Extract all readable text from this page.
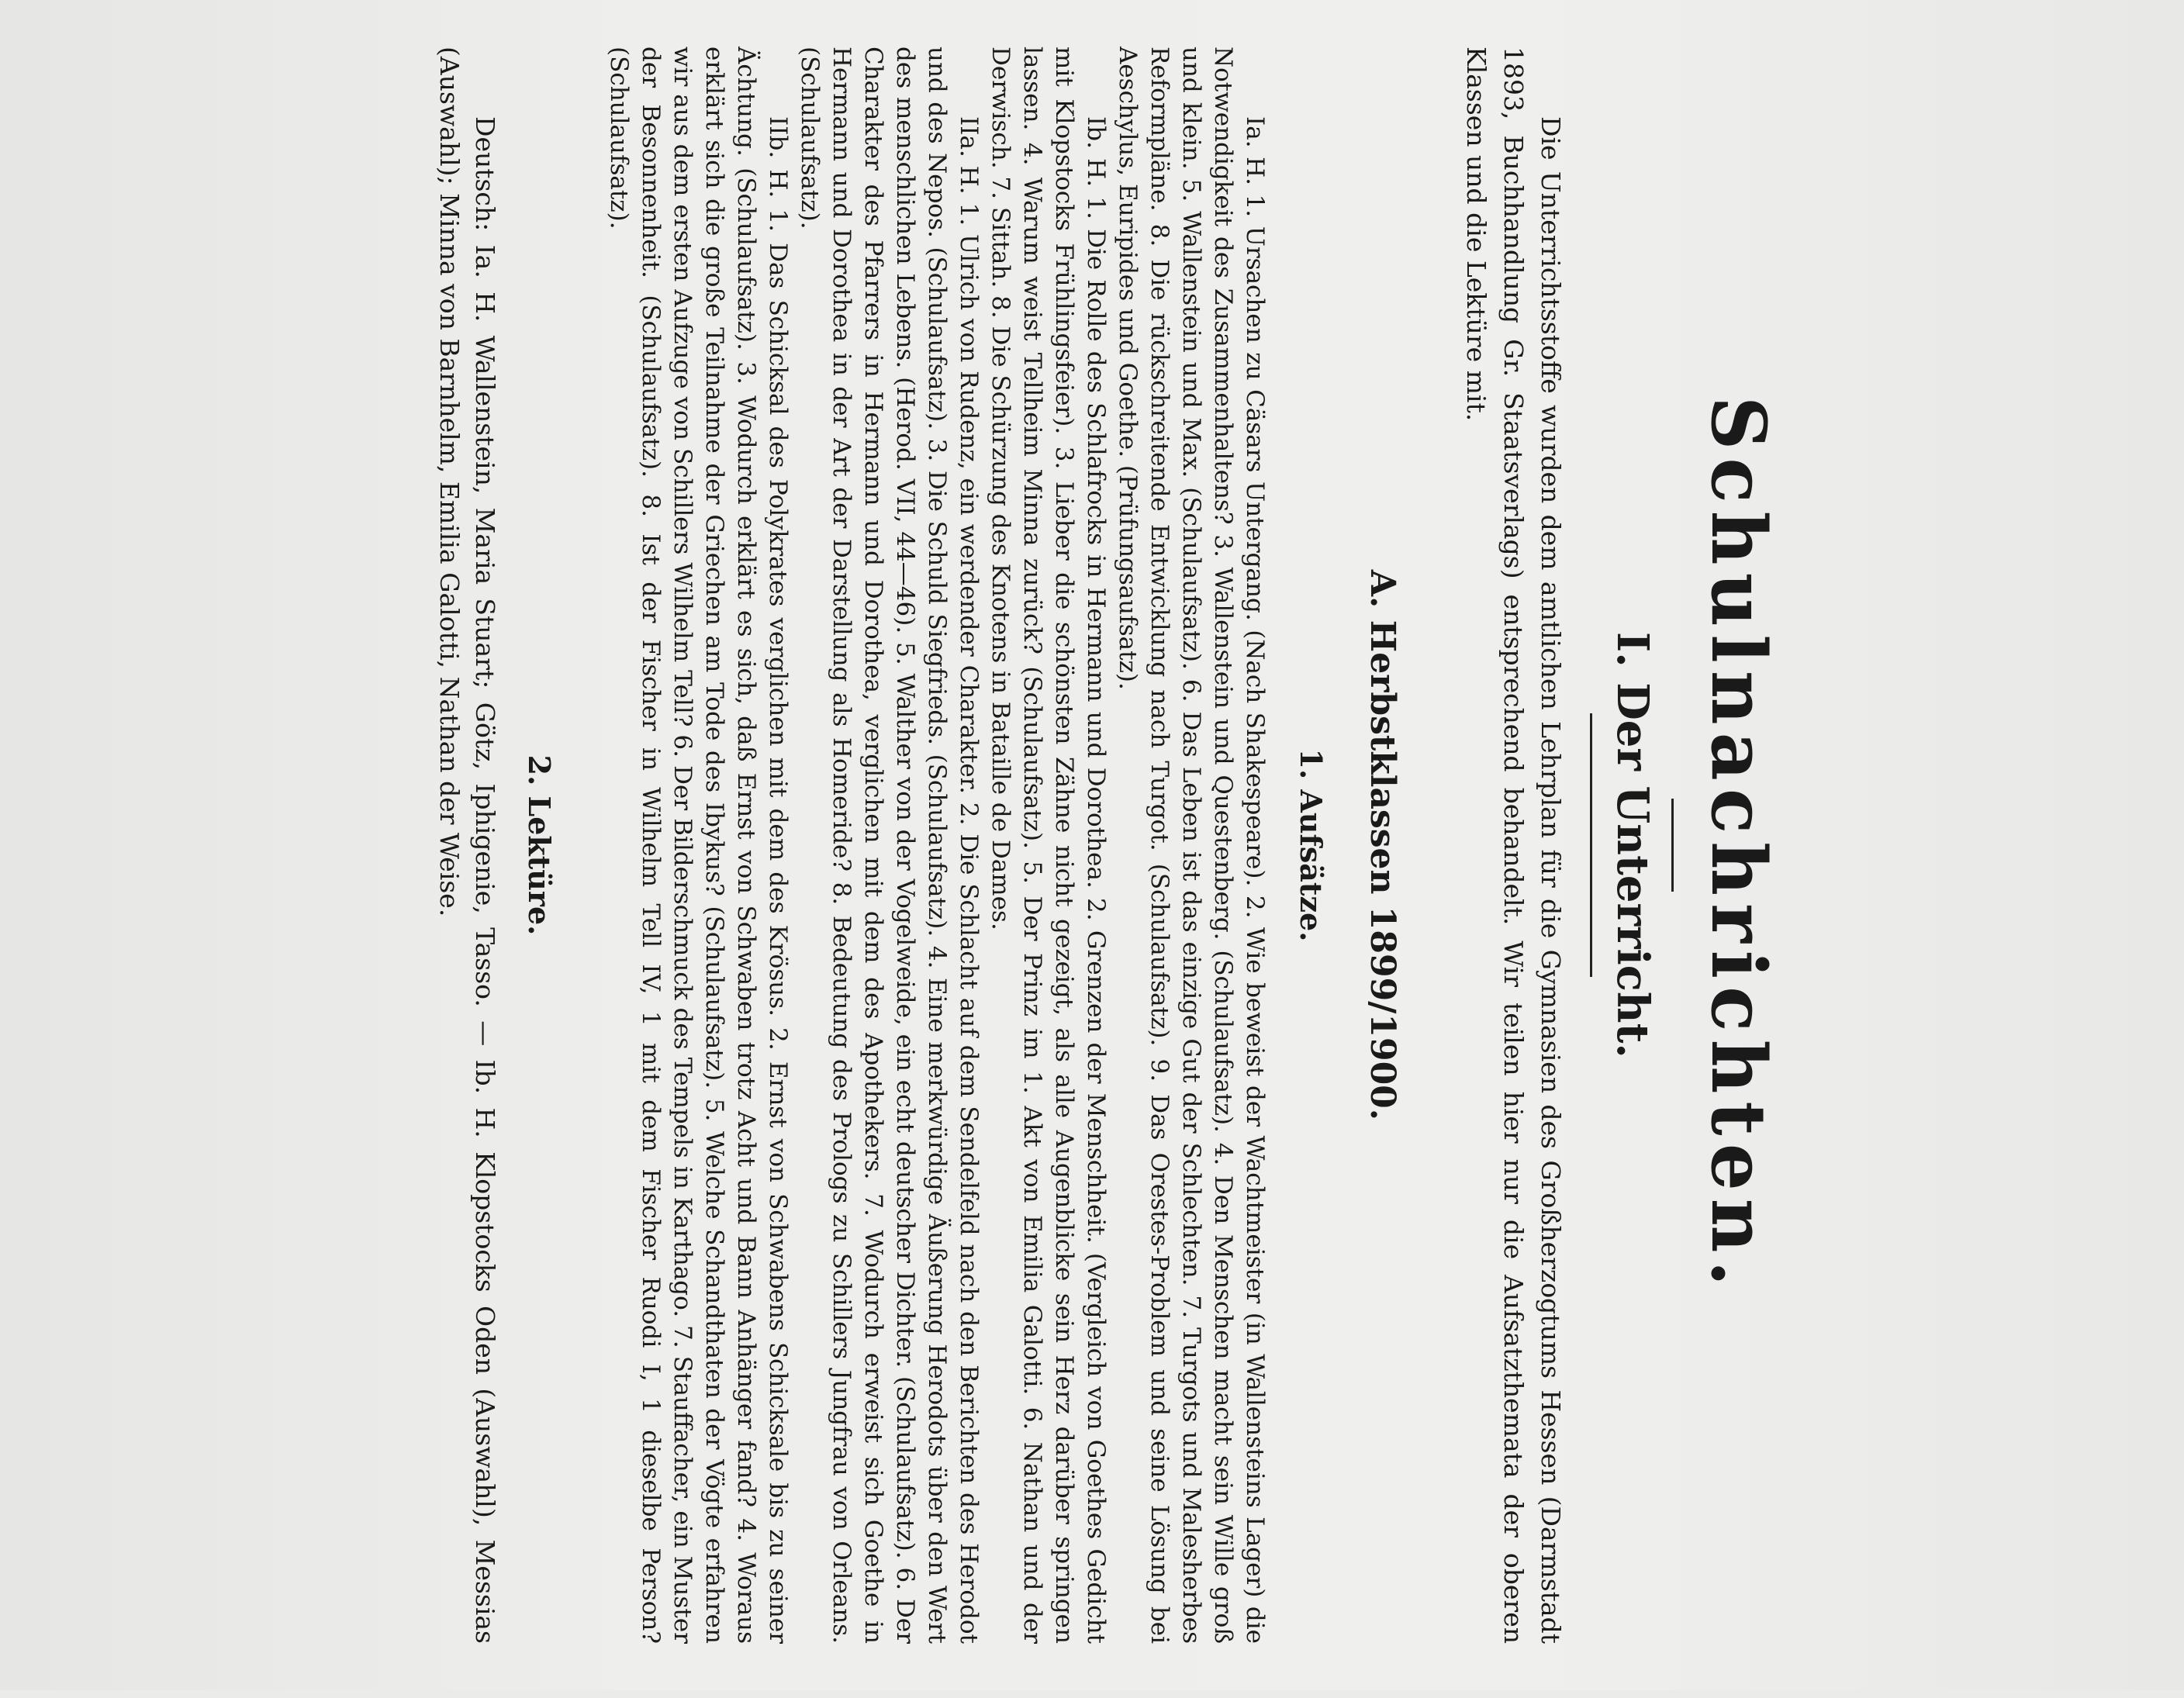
Schulnachrichten.
I. Der Unterricht.
Die Unterrichtsstoffe wurden dem amtlichen Lehrplan für die Gymnasien des Großherzogtums Hessen (Darmstadt 1893, Buchhandlung Gr. Staatsverlags) entsprechend behandelt. Wir teilen hier nur die Aufsatzthemata der oberen Klassen und die Lektüre mit.
A. Herbstklassen 1899/1900.
1. Aufsätze.

Ia. H. 1. Ursachen zu Cäsars Untergang. (Nach Shakespeare). 2. Wie beweist der Wachtmeister (in Wallensteins Lager) die Notwendigkeit des Zusammenhaltens? 3. Wallenstein und Questenberg. (Schulaufsatz). 4. Den Menschen macht sein Wille groß und klein. 5. Wallenstein und Max. (Schulaufsatz). 6. Das Leben ist das einzige Gut der Schlechten. 7. Turgots und Malesherbes Reformpläne. 8. Die rückschreitende Entwicklung nach Turgot. (Schulaufsatz). 9. Das Orestes-Problem und seine Lösung bei Aeschylus, Euripides und Goethe. (Prüfungsaufsatz).

Ib. H. 1. Die Rolle des Schlafrocks in Hermann und Dorothea. 2. Grenzen der Menschheit. (Vergleich von Goethes Gedicht mit Klopstocks Frühlingsfeier). 3. Lieber die schönsten Zähne nicht gezeigt, als alle Augenblicke sein Herz darüber springen lassen. 4. Warum weist Tellheim Minna zurück? (Schulaufsatz). 5. Der Prinz im 1. Akt von Emilia Galotti. 6. Nathan und der Derwisch. 7. Sittah. 8. Die Schürzung des Knotens in Bataille de Dames.

IIa. H. 1. Ulrich von Rudenz, ein werdender Charakter. 2. Die Schlacht auf dem Sendelfeld nach den Berichten des Herodot und des Nepos. (Schulaufsatz). 3. Die Schuld Siegfrieds. (Schulaufsatz). 4. Eine merkwürdige Äußerung Herodots über den Wert des menschlichen Lebens. (Herod. VII, 44—46). 5. Walther von der Vogelweide, ein echt deutscher Dichter. (Schulaufsatz). 6. Der Charakter des Pfarrers in Hermann und Dorothea, verglichen mit dem des Apothekers. 7. Wodurch erweist sich Goethe in Hermann und Dorothea in der Art der Darstellung als Homeride? 8. Bedeutung des Prologs zu Schillers Jungfrau von Orleans. (Schulaufsatz).

IIb. H. 1. Das Schicksal des Polykrates verglichen mit dem des Krösus. 2. Ernst von Schwabens Schicksale bis zu seiner Ächtung. (Schulaufsatz). 3. Wodurch erklärt es sich, daß Ernst von Schwaben trotz Acht und Bann Anhänger fand? 4. Woraus erklärt sich die große Teilnahme der Griechen am Tode des Ibykus? (Schulaufsatz). 5. Welche Schandthaten der Vögte erfahren wir aus dem ersten Aufzuge von Schillers Wilhelm Tell? 6. Der Bilderschmuck des Tempels in Karthago. 7. Stauffacher, ein Muster der Besonnenheit. (Schulaufsatz). 8. Ist der Fischer in Wilhelm Tell IV, 1 mit dem Fischer Ruodi I, 1 dieselbe Person? (Schulaufsatz).

2. Lektüre.
Deutsch: Ia. H. Wallenstein, Maria Stuart; Götz, Iphigenie, Tasso. — Ib. H. Klopstocks Oden (Auswahl), Messias (Auswahl); Minna von Barnhelm, Emilia Galotti, Nathan der Weise.
